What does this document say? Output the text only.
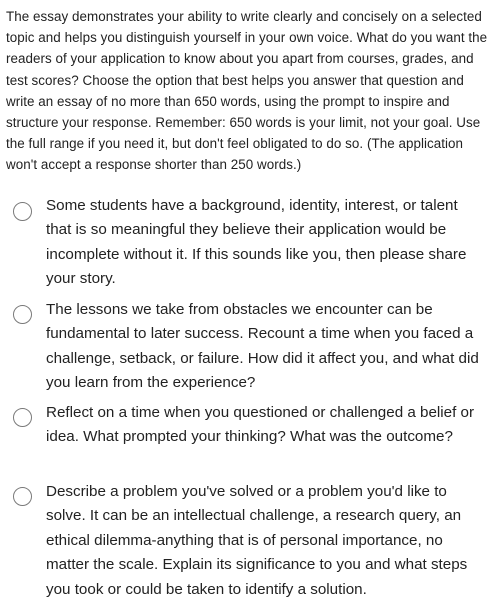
The essay demonstrates your ability to write clearly and concisely on a selected topic and helps you distinguish yourself in your own voice. What do you want the readers of your application to know about you apart from courses, grades, and test scores? Choose the option that best helps you answer that question and write an essay of no more than 650 words, using the prompt to inspire and structure your response. Remember: 650 words is your limit, not your goal. Use the full range if you need it, but don't feel obligated to do so. (The application won't accept a response shorter than 250 words.)
Some students have a background, identity, interest, or talent that is so meaningful they believe their application would be incomplete without it. If this sounds like you, then please share your story.
The lessons we take from obstacles we encounter can be fundamental to later success. Recount a time when you faced a challenge, setback, or failure. How did it affect you, and what did you learn from the experience?
Reflect on a time when you questioned or challenged a belief or idea. What prompted your thinking? What was the outcome?
Describe a problem you've solved or a problem you'd like to solve. It can be an intellectual challenge, a research query, an ethical dilemma-anything that is of personal importance, no matter the scale. Explain its significance to you and what steps you took or could be taken to identify a solution.
